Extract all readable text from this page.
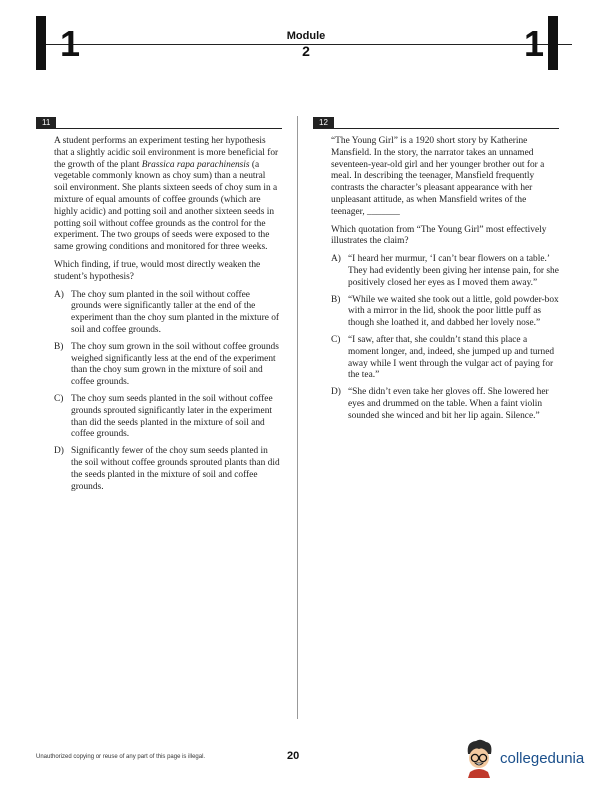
1	Module
2	1
11	12

A student performs an experiment testing her hypothesis that a slightly acidic soil environment is more beneficial for the growth of the plant Brassica rapa parachinensis (a vegetable commonly known as choy sum) than a neutral soil environment. She plants sixteen seeds of choy sum in a mixture of equal amounts of coffee grounds (which are highly acidic) and potting soil and another sixteen seeds in potting soil without coffee grounds as the control for the experiment. The two groups of seeds were exposed to the same growing conditions and monitored for three weeks.

Which finding, if true, would most directly weaken the student’s hypothesis?

A) The choy sum planted in the soil without coffee grounds were significantly taller at the end of the experiment than the choy sum planted in the mixture of soil and coffee grounds.
B) The choy sum grown in the soil without coffee grounds weighed significantly less at the end of the experiment than the choy sum grown in the mixture of soil and coffee grounds.
C) The choy sum seeds planted in the soil without coffee grounds sprouted significantly later in the experiment than did the seeds planted in the mixture of soil and coffee grounds.
D) Significantly fewer of the choy sum seeds planted in the soil without coffee grounds sprouted plants than did the seeds planted in the mixture of soil and coffee grounds.

“The Young Girl” is a 1920 short story by Katherine Mansfield. In the story, the narrator takes an unnamed seventeen-year-old girl and her younger brother out for a meal. In describing the teenager, Mansfield frequently contrasts the character’s pleasant appearance with her unpleasant attitude, as when Mansfield writes of the teenager, _______

Which quotation from “The Young Girl” most effectively illustrates the claim?

A) “I heard her murmur, ‘I can’t bear flowers on a table.’ They had evidently been giving her intense pain, for she positively closed her eyes as I moved them away.”
B) “While we waited she took out a little, gold powder-box with a mirror in the lid, shook the poor little puff as though she loathed it, and dabbed her lovely nose.”
C) “I saw, after that, she couldn’t stand this place a moment longer, and, indeed, she jumped up and turned away while I went through the vulgar act of paying for the tea.”
D) “She didn’t even take her gloves off. She lowered her eyes and drummed on the table. When a faint violin sounded she winced and bit her lip again. Silence.”
Unauthorized copying or reuse of any part of this page is illegal.	20	collegedunia
